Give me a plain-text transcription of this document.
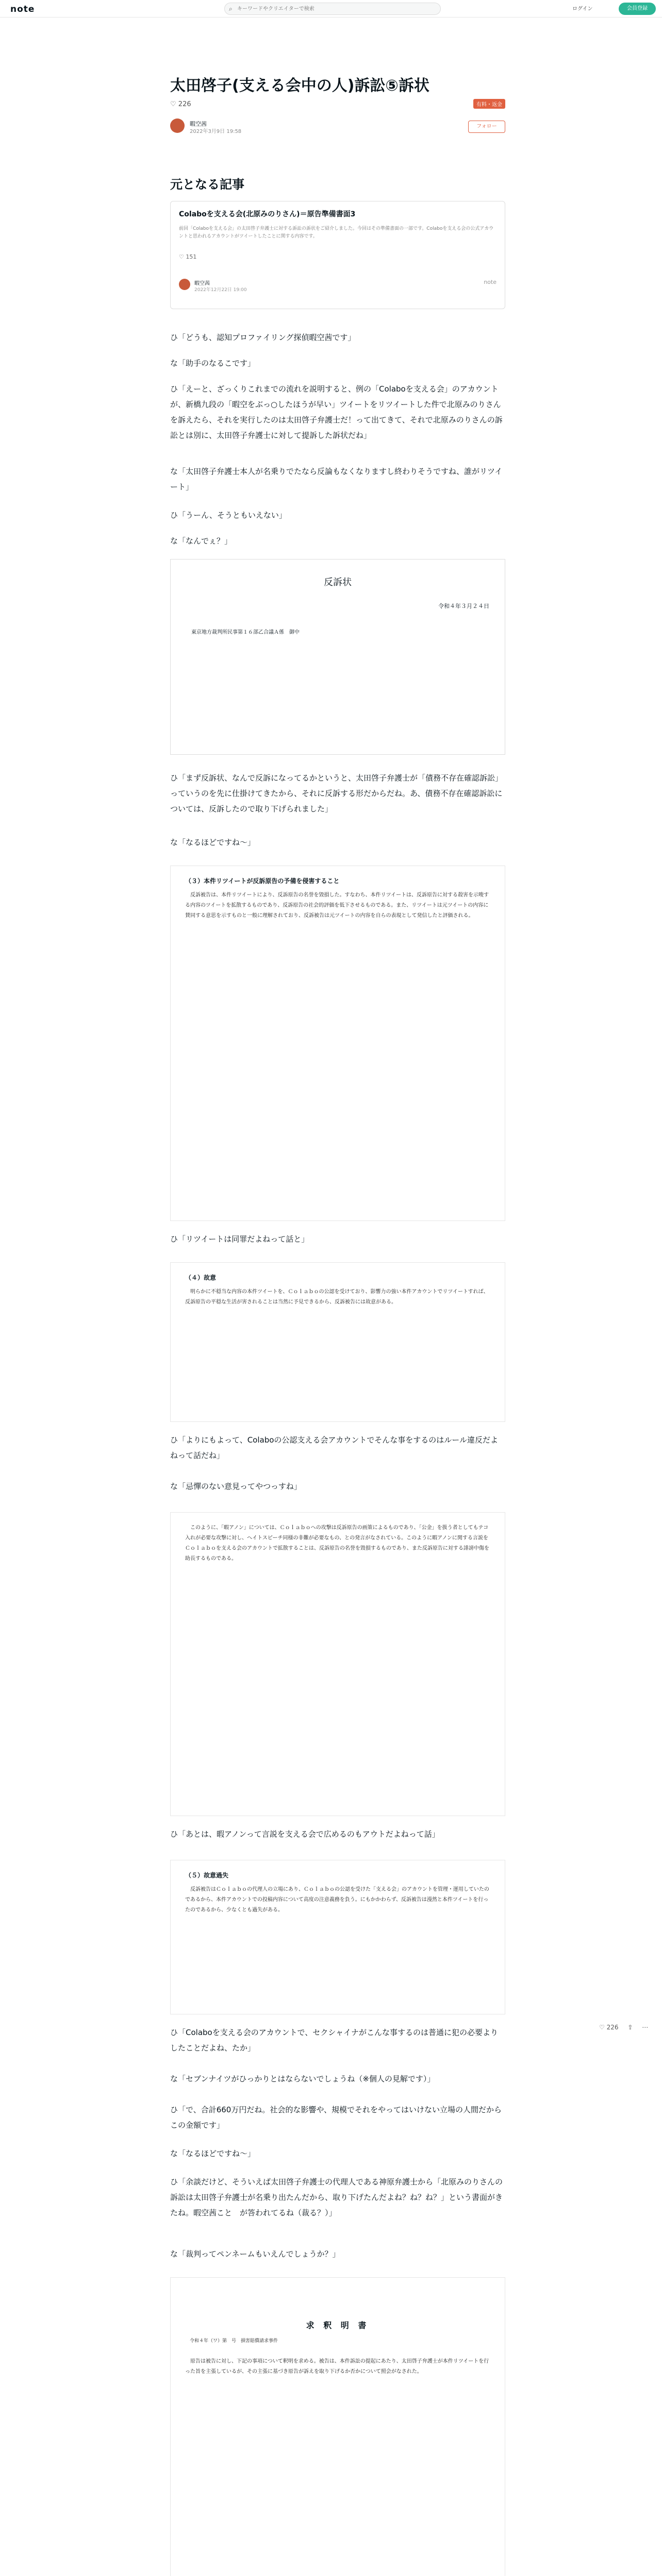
note	⌕
キーワードやクリエイターで検索	ログイン	会員登録
太田啓子(支える会中の人)訴訟⑤訴状
♡ 226	有料・返金
暇空茜
2022年3月9日 19:58
フォロー
元となる記事
Colaboを支える会(北原みのりさん)＝原告準備書面3
前回「Colaboを支える会」の太田啓子弁護士に対する訴訟の訴状をご紹介しました。今回はその準備書面の一部です。Colaboを支える会の公式アカウントと思われるアカウントがツイートしたことに関する内容です。
♡ 151
暇空茜
2022年12月22日 19:00
note

ひ「どうも、認知プロファイリング探偵暇空茜です」

な「助手のなるこです」

ひ「えーと、ざっくりこれまでの流れを説明すると、例の「Colaboを支える会」のアカウントが、新橋九段の「暇空をぶっ○したほうが早い」ツイートをリツイートした件で北原みのりさんを訴えたら、それを実行したのは太田啓子弁護士だ！って出てきて、それで北原みのりさんの訴訟とは別に、太田啓子弁護士に対して提訴した訴状だね」

な「太田啓子弁護士本人が名乗りでたなら反論もなくなりますし終わりそうですね、誰がリツイート」

ひ「うーん、そうともいえない」

な「なんでぇ？」

反訴状
令和４年３月２４日
東京地方裁判所民事第１６部乙合議Ａ係　御中

ひ「まず反訴状、なんで反訴になってるかというと、太田啓子弁護士が「債務不存在確認訴訟」っていうのを先に仕掛けてきたから、それに反訴する形だからだね。あ、債務不存在確認訴訟については、反訴したので取り下げられました」

な「なるほどですね〜」

（３）本件リツイートが反訴原告の予備を侵害すること
反訴被告は、本件リツイートにより、反訴原告の名誉を毀損した。すなわち、本件リツイートは、反訴原告に対する殺害を示唆する内容のツイートを拡散するものであり、反訴原告の社会的評価を低下させるものである。また、リツイートは元ツイートの内容に賛同する意思を示すものと一般に理解されており、反訴被告は元ツイートの内容を自らの表現として発信したと評価される。

ひ「リツイートは同罪だよねって話と」

（４）故意
明らかに不穏当な内容の本件ツイートを、Ｃｏｌａｂｏの公認を受けており、影響力の強い本件アカウントでリツイートすれば、反訴原告の平穏な生活が害されることは当然に予見できるから、反訴被告には故意がある。

ひ「よりにもよって、Colaboの公認支える会アカウントでそんな事をするのはルール違反だよねって話だね」

な「忌憚のない意見ってやつっすね」

このように、「暇アノン」については、Ｃｏｌａｂｏへの攻撃は反訴原告の画策によるものであり、「公金」を扱う者としてもテコ入れが必要な攻撃に対し、ヘイトスピーチ同様の非難が必要なもの、との発言がなされている。このように暇アノンに関する言説をＣｏｌａｂｏを支える会のアカウントで拡散することは、反訴原告の名誉を毀損するものであり、また反訴原告に対する誹謗中傷を助長するものである。

ひ「あとは、暇アノンって言説を支える会で広めるのもアウトだよねって話」

（５）故意過失
反訴被告はＣｏｌａｂｏの代理人の立場にあり、Ｃｏｌａｂｏの公認を受けた「支える会」のアカウントを管理・運用していたのであるから、本件アカウントでの投稿内容について高度の注意義務を負う。にもかかわらず、反訴被告は漫然と本件ツイートを行ったのであるから、少なくとも過失がある。

ひ「Colaboを支える会のアカウントで、セクシャイナがこんな事するのは普通に犯の必要よりしたことだよね、たか」

な「セブンナイツがひっかりとはならないでしょうね（※個人の見解です）」

ひ「で、合計660万円だね。社会的な影響や、規模でそれをやってはいけない立場の人間だからこの金額です」

な「なるほどですね〜」

ひ「余談だけど、そういえば太田啓子弁護士の代理人である神原弁護士から「北原みのりさんの訴訟は太田啓子弁護士が名乗り出たんだから、取り下げたんだよね？ね？ね？」という書面がきたね。暇空茜こと　が答われてるね（裁る？）」

な「裁判ってペンネームもいえんでしょうか？」

求 釈 明 書
令和４年（ワ）第　号　損害賠償請求事件
原告は被告に対し、下記の事項について釈明を求める。被告は、本件訴訟の提起にあたり、太田啓子弁護士が本件リツイートを行った旨を主張しているが、その主張に基づき原告が訴えを取り下げるか否かについて照会がなされた。

♡ 226 ⇪ ⋯
